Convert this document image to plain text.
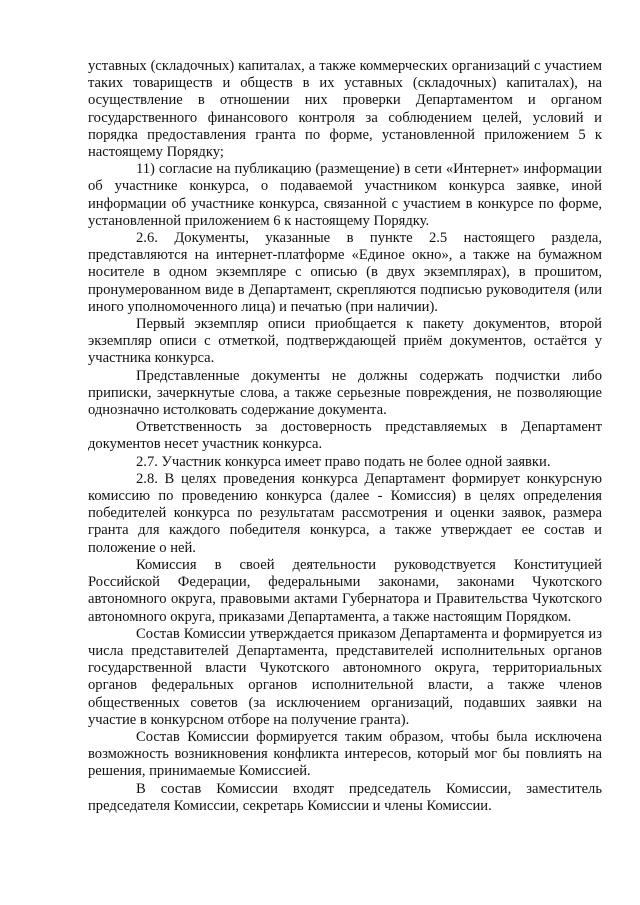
уставных (складочных) капиталах, а также коммерческих организаций с участием таких товариществ и обществ в их уставных (складочных) капиталах), на осуществление в отношении них проверки Департаментом и органом государственного финансового контроля за соблюдением целей, условий и порядка предоставления гранта по форме, установленной приложением 5 к настоящему Порядку;

11) согласие на публикацию (размещение) в сети «Интернет» информации об участнике конкурса, о подаваемой участником конкурса заявке, иной информации об участнике конкурса, связанной с участием в конкурсе по форме, установленной приложением 6 к настоящему Порядку.

2.6. Документы, указанные в пункте 2.5 настоящего раздела, представляются на интернет-платформе «Единое окно», а также на бумажном носителе в одном экземпляре с описью (в двух экземплярах), в прошитом, пронумерованном виде в Департамент, скрепляются подписью руководителя (или иного уполномоченного лица) и печатью (при наличии).

Первый экземпляр описи приобщается к пакету документов, второй экземпляр описи с отметкой, подтверждающей приём документов, остаётся у участника конкурса.

Представленные документы не должны содержать подчистки либо приписки, зачеркнутые слова, а также серьезные повреждения, не позволяющие однозначно истолковать содержание документа.

Ответственность за достоверность представляемых в Департамент документов несет участник конкурса.

2.7. Участник конкурса имеет право подать не более одной заявки.

2.8. В целях проведения конкурса Департамент формирует конкурсную комиссию по проведению конкурса (далее - Комиссия) в целях определения победителей конкурса по результатам рассмотрения и оценки заявок, размера гранта для каждого победителя конкурса, а также утверждает ее состав и положение о ней.

Комиссия в своей деятельности руководствуется Конституцией Российской Федерации, федеральными законами, законами Чукотского автономного округа, правовыми актами Губернатора и Правительства Чукотского автономного округа, приказами Департамента, а также настоящим Порядком.

Состав Комиссии утверждается приказом Департамента и формируется из числа представителей Департамента, представителей исполнительных органов государственной власти Чукотского автономного округа, территориальных органов федеральных органов исполнительной власти, а также членов общественных советов (за исключением организаций, подавших заявки на участие в конкурсном отборе на получение гранта).

Состав Комиссии формируется таким образом, чтобы была исключена возможность возникновения конфликта интересов, который мог бы повлиять на решения, принимаемые Комиссией.

В состав Комиссии входят председатель Комиссии, заместитель председателя Комиссии, секретарь Комиссии и члены Комиссии.
